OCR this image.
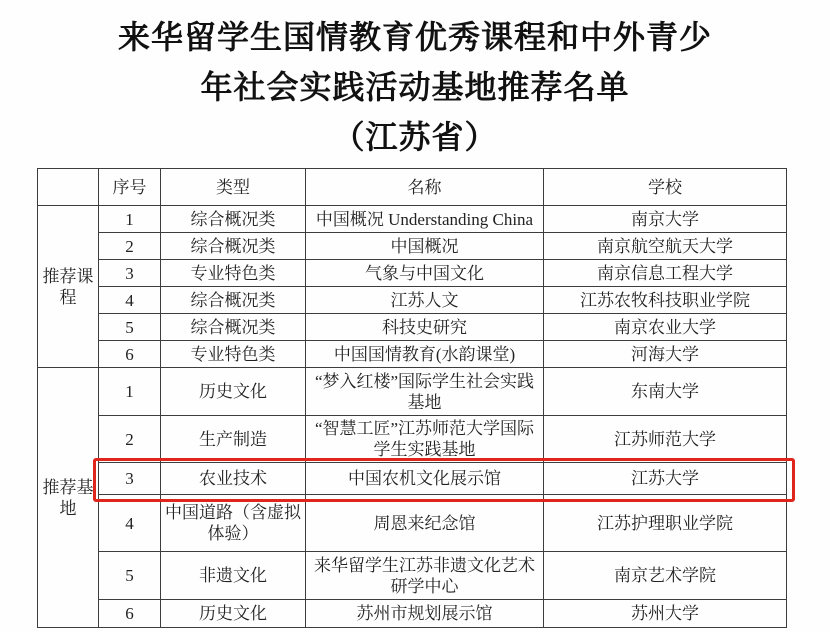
来华留学生国情教育优秀课程和中外青少
年社会实践活动基地推荐名单
（江苏省）
	序号	类型	名称	学校
推荐课程	1	综合概况类	中国概况 Understanding China	南京大学
	2	综合概况类	中国概况	南京航空航天大学
	3	专业特色类	气象与中国文化	南京信息工程大学
	4	综合概况类	江苏人文	江苏农牧科技职业学院
	5	综合概况类	科技史研究	南京农业大学
	6	专业特色类	中国国情教育(水韵课堂)	河海大学
推荐基地	1	历史文化	“梦入红楼”国际学生社会实践基地	东南大学
	2	生产制造	“智慧工匠”江苏师范大学国际学生实践基地	江苏师范大学
	3	农业技术	中国农机文化展示馆	江苏大学
	4	中国道路（含虚拟体验）	周恩来纪念馆	江苏护理职业学院
	5	非遗文化	来华留学生江苏非遗文化艺术研学中心	南京艺术学院
	6	历史文化	苏州市规划展示馆	苏州大学
